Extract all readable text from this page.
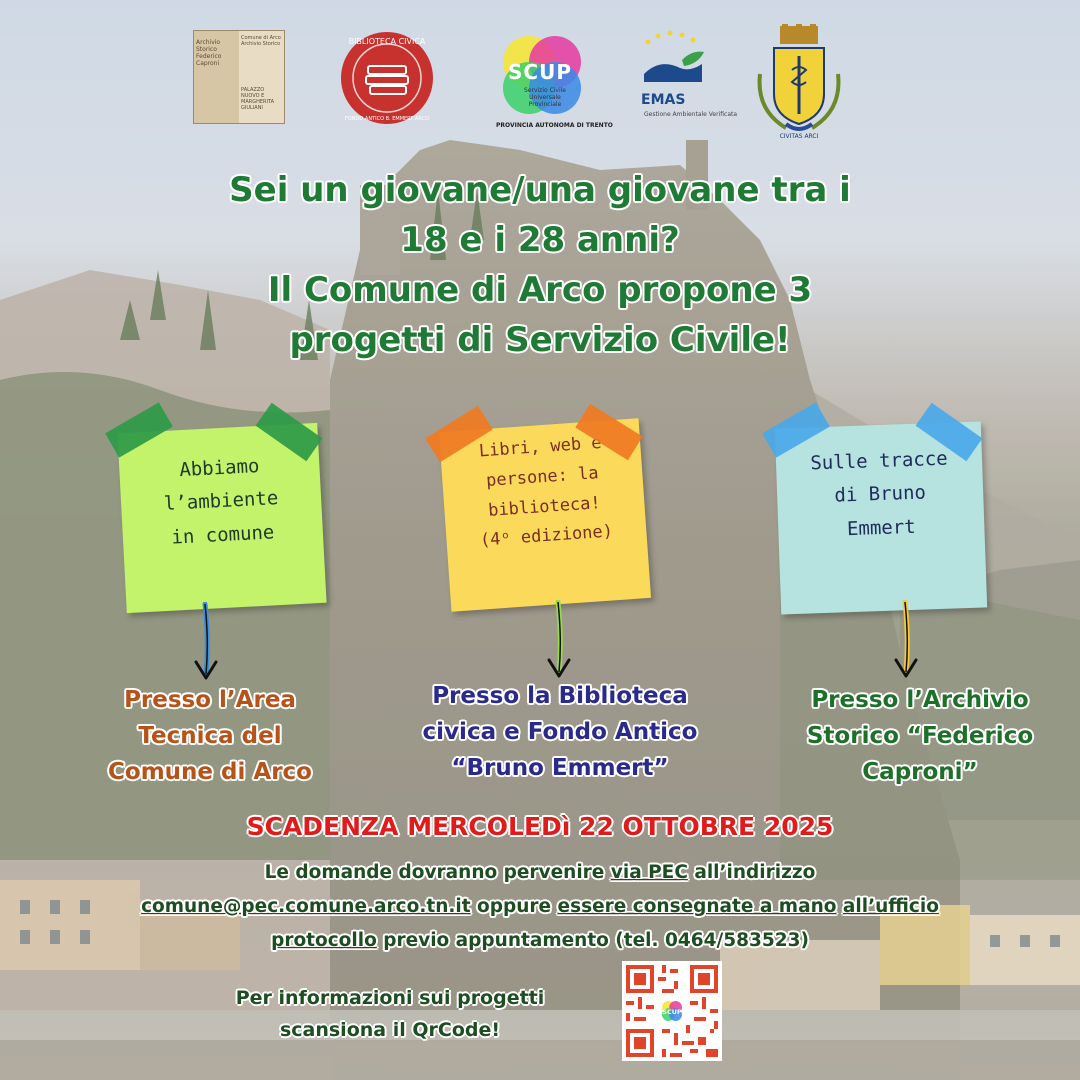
Archivio Storico Federico Caproni
Comune di Arco Archivio Storico
PALAZZO NUOVO E MARGHERITA GIULIANI
BIBLIOTECA CIVICA
FONDO ANTICO B. EMMERT ARCO
SCUP
Servizio Civile Universale Provinciale
PROVINCIA AUTONOMA DI TRENTO
EMAS
Gestione Ambientale Verificata
CIVITAS ARCI
Sei un giovane/una giovane tra i
18 e i 28 anni?
Il Comune di Arco propone 3
progetti di Servizio Civile!
Abbiamo
l’ambiente
in comune
Presso l’Area
Tecnica del
Comune di Arco
Libri, web e
persone: la
biblioteca!
(4ᵒ edizione)
Presso la Biblioteca
civica e Fondo Antico
“Bruno Emmert”
Sulle tracce
di Bruno
Emmert
Presso l’Archivio
Storico “Federico
Caproni”
SCADENZA MERCOLEDì 22 OTTOBRE 2025
Le domande dovranno pervenire via PEC all’indirizzo
comune@pec.comune.arco.tn.it oppure essere consegnate a mano all’ufficio
protocollo previo appuntamento (tel. 0464/583523)
Per informazioni sui progetti
scansiona il QrCode!
SCUP
